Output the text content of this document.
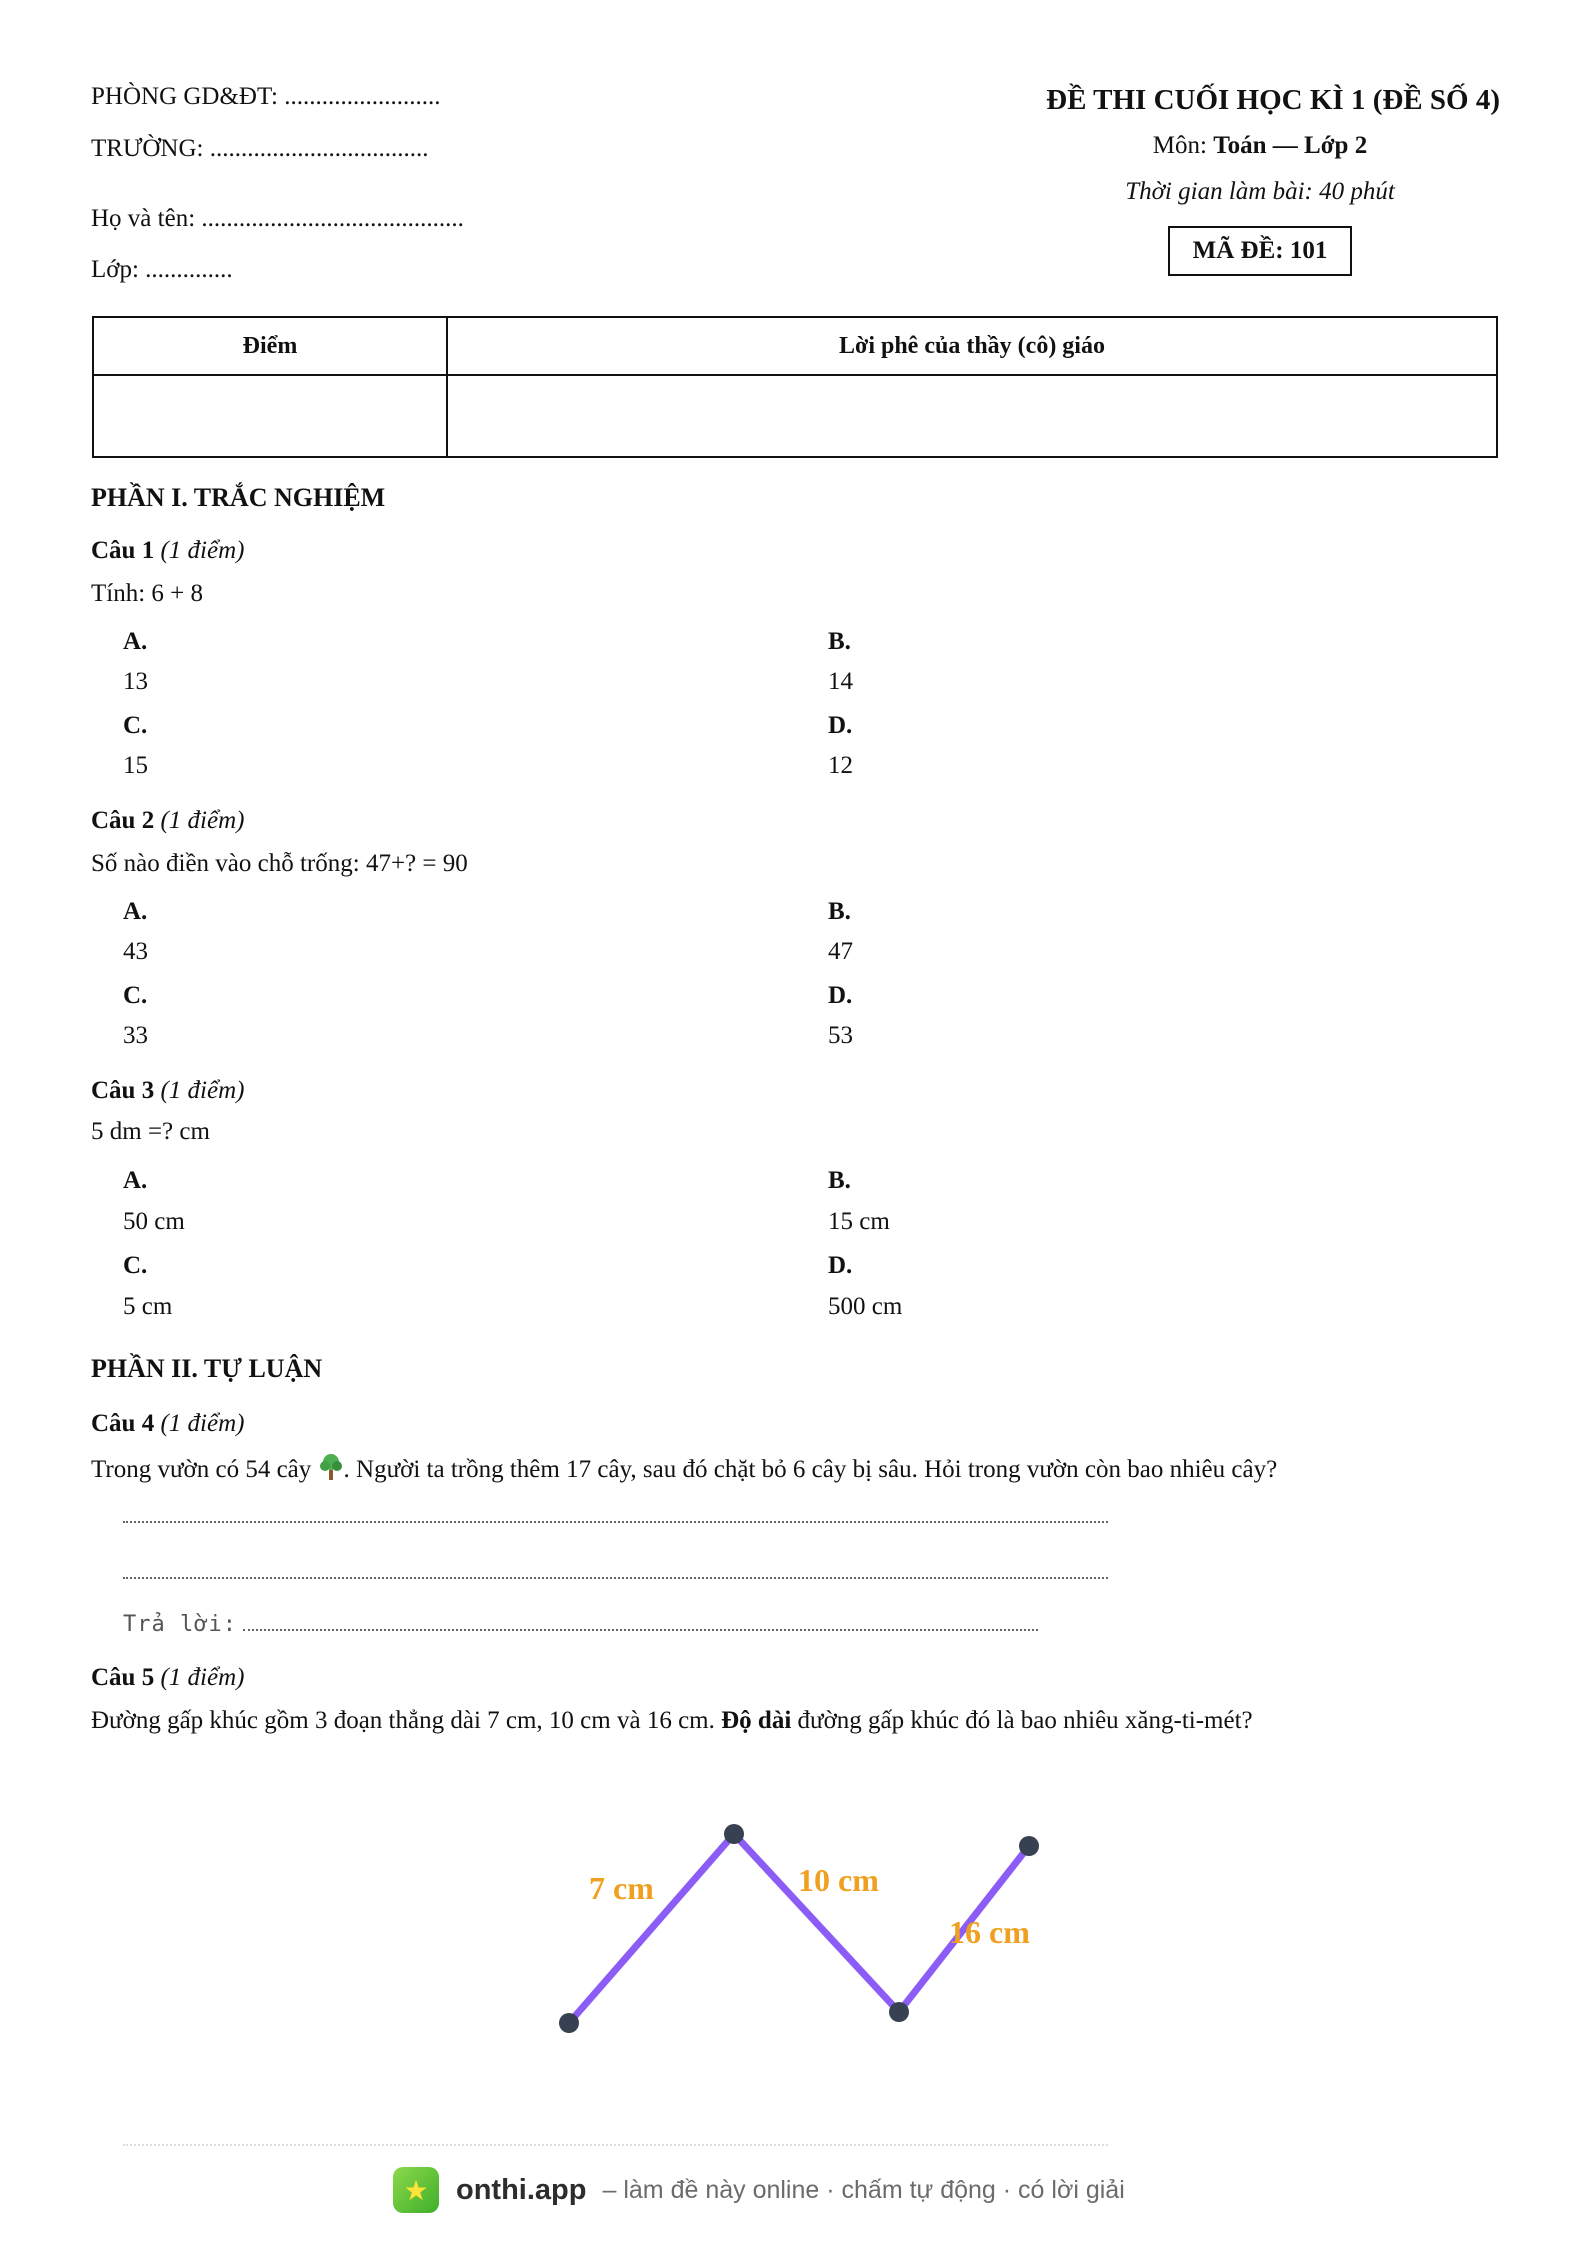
PHÒNG GD&ĐT: .........................
TRƯỜNG: ...................................
Họ và tên: ..........................................
Lớp: ..............
ĐỀ THI CUỐI HỌC KÌ 1 (ĐỀ SỐ 4)
Môn: Toán — Lớp 2
Thời gian làm bài: 40 phút
MÃ ĐỀ: 101
Điểm	Lời phê của thầy (cô) giáo

PHẦN I. TRẮC NGHIỆM
Câu 1 (1 điểm)
Tính: 6 + 8
A.
13
B.
14
C.
15
D.
12
Câu 2 (1 điểm)
Số nào điền vào chỗ trống: 47+? = 90
A.
43
B.
47
C.
33
D.
53
Câu 3 (1 điểm)
5 dm =? cm
A.
50 cm
B.
15 cm
C.
5 cm
D.
500 cm
PHẦN II. TỰ LUẬN
Câu 4 (1 điểm)
Trong vườn có 54 cây . Người ta trồng thêm 17 cây, sau đó chặt bỏ 6 cây bị sâu. Hỏi trong vườn còn bao nhiêu cây?
Trả lời:
Câu 5 (1 điểm)
Đường gấp khúc gồm 3 đoạn thẳng dài 7 cm, 10 cm và 16 cm. Độ dài đường gấp khúc đó là bao nhiêu xăng-ti-mét?
7 cm	10 cm
16 cm
★ onthi.app – làm đề này online · chấm tự động · có lời giải
